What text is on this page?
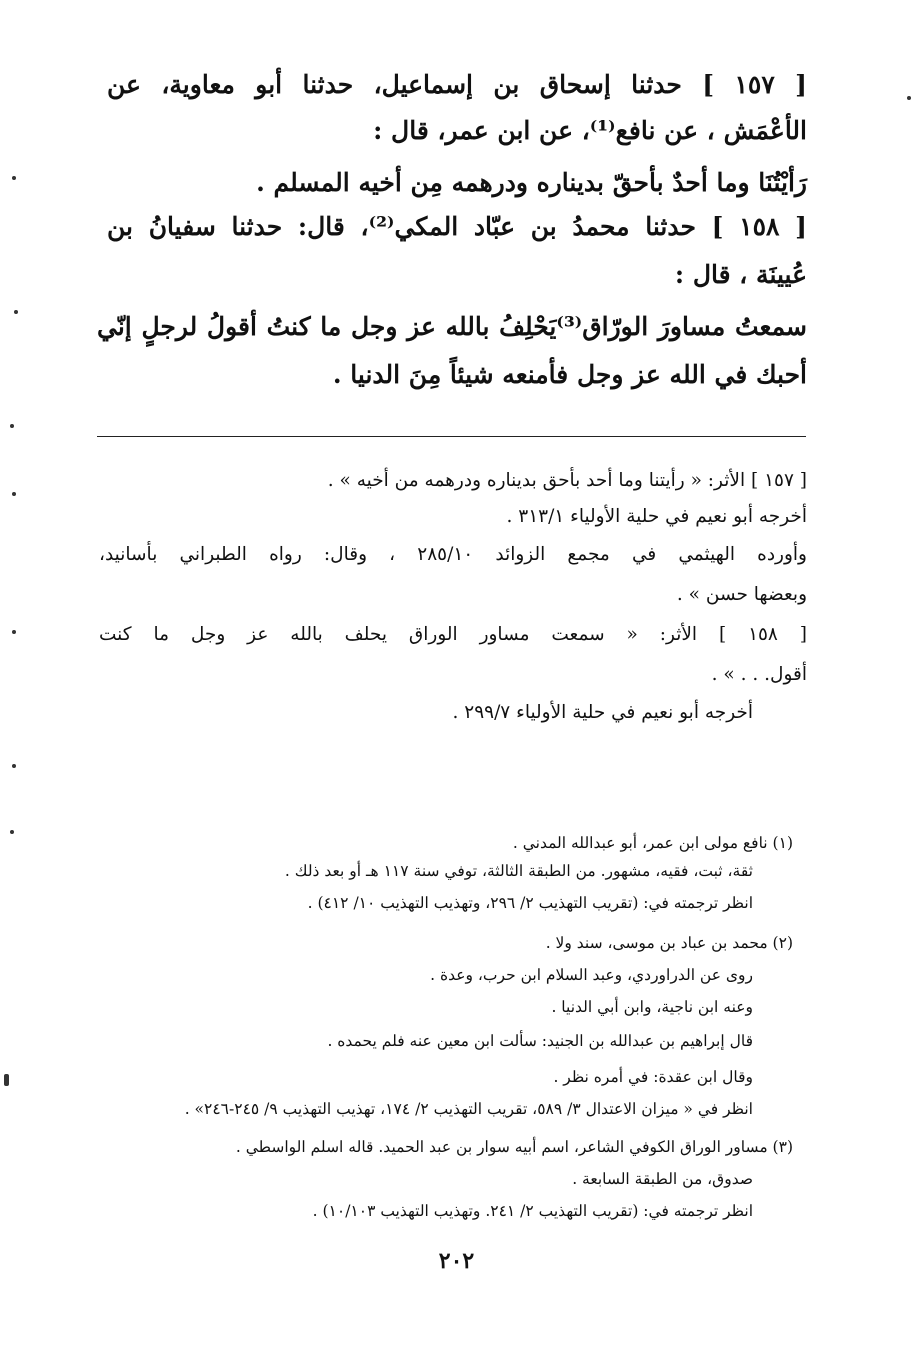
[ ١٥٧ ] حدثنا إسحاق بن إسماعيل، حدثنا أبو معاوية، عن
الأعْمَش ، عن نافع⁽¹⁾، عن ابن عمر، قال :
رَأيْتُنَا وما أحدٌ بأحقّ بديناره ودرهمه مِن أخيه المسلم .
[ ١٥٨ ] حدثنا محمدُ بن عبّاد المكي⁽²⁾، قال: حدثنا سفيانُ بن
عُيينَة ، قال :
سمعتُ مساورَ الورّاق⁽³⁾يَحْلِفُ بالله عز وجل ما كنتُ أقولُ لرجلٍ إنّي
أحبك في الله عز وجل فأمنعه شيئاً مِنَ الدنيا .
[ ١٥٧ ] الأثر: « رأيتنا وما أحد بأحق بديناره ودرهمه من أخيه » .
أخرجه أبو نعيم في حلية الأولياء ٣١٣/١ .
وأورده الهيثمي في مجمع الزوائد ٢٨٥/١٠ ، وقال: رواه الطبراني بأسانيد،
وبعضها حسن » .
[ ١٥٨ ] الأثر: « سمعت مساور الوراق يحلف بالله عز وجل ما كنت
أقول. . . » .
أخرجه أبو نعيم في حلية الأولياء ٢٩٩/٧ .
(١) نافع مولى ابن عمر، أبو عبدالله المدني .
ثقة، ثبت، فقيه، مشهور. من الطبقة الثالثة، توفي سنة ١١٧ هـ أو بعد ذلك .
انظر ترجمته في: (تقريب التهذيب ٢/ ٢٩٦، وتهذيب التهذيب ١٠/ ٤١٢) .
(٢) محمد بن عباد بن موسى، سند ولا .
روى عن الدراوردي، وعبد السلام ابن حرب، وعدة .
وعنه ابن ناجية، وابن أبي الدنيا .
قال إبراهيم بن عبدالله بن الجنيد: سألت ابن معين عنه فلم يحمده .
وقال ابن عقدة: في أمره نظر .
انظر في « ميزان الاعتدال ٣/ ٥٨٩، تقريب التهذيب ٢/ ١٧٤، تهذيب التهذيب ٩/ ٢٤٥-٢٤٦» .
(٣) مساور الوراق الكوفي الشاعر، اسم أبيه سوار بن عبد الحميد. قاله اسلم الواسطي .
صدوق، من الطبقة السابعة .
انظر ترجمته في: (تقريب التهذيب ٢/ ٢٤١. وتهذيب التهذيب ١٠/١٠٣) .
٢٠٢
